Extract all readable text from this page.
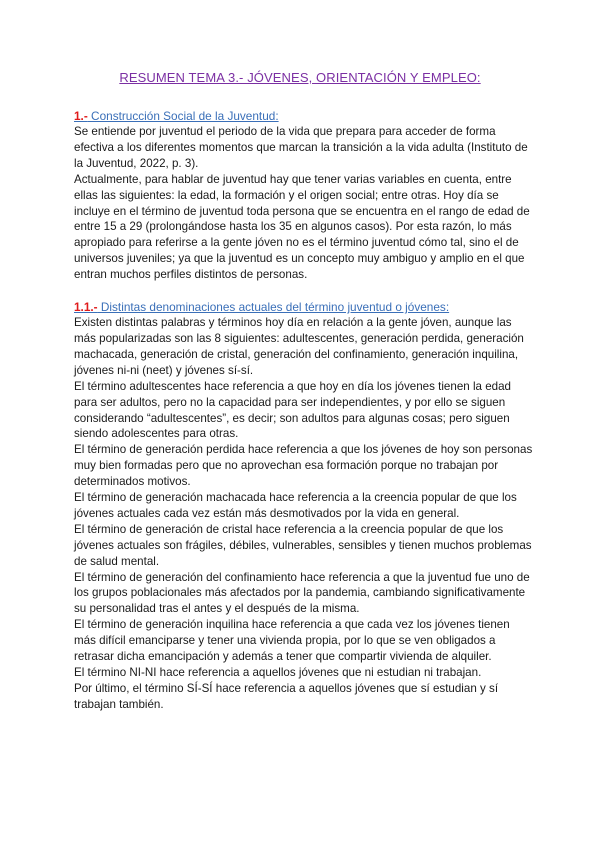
RESUMEN TEMA 3.- JÓVENES, ORIENTACIÓN Y EMPLEO:

1.- Construcción Social de la Juventud:

Se entiende por juventud el periodo de la vida que prepara para acceder de forma efectiva a los diferentes momentos que marcan la transición a la vida adulta (Instituto de la Juventud, 2022, p. 3).

Actualmente, para hablar de juventud hay que tener varias variables en cuenta, entre ellas las siguientes: la edad, la formación y el origen social; entre otras. Hoy día se incluye en el término de juventud toda persona que se encuentra en el rango de edad de entre 15 a 29 (prolongándose hasta los 35 en algunos casos). Por esta razón, lo más apropiado para referirse a la gente jóven no es el término juventud cómo tal, sino el de universos juveniles; ya que la juventud es un concepto muy ambiguo y amplio en el que entran muchos perfiles distintos de personas.

1.1.- Distintas denominaciones actuales del término juventud o jóvenes:

Existen distintas palabras y términos hoy día en relación a la gente jóven, aunque las más popularizadas son las 8 siguientes: adultescentes, generación perdida, generación machacada, generación de cristal, generación del confinamiento, generación inquilina, jóvenes ni-ni (neet) y jóvenes sí-sí.

El término adultescentes hace referencia a que hoy en día los jóvenes tienen la edad para ser adultos, pero no la capacidad para ser independientes, y por ello se siguen considerando “adultescentes”, es decir; son adultos para algunas cosas; pero siguen siendo adolescentes para otras.

El término de generación perdida hace referencia a que los jóvenes de hoy son personas muy bien formadas pero que no aprovechan esa formación porque no trabajan por determinados motivos.

El término de generación machacada hace referencia a la creencia popular de que los jóvenes actuales cada vez están más desmotivados por la vida en general.

El término de generación de cristal hace referencia a la creencia popular de que los jóvenes actuales son frágiles, débiles, vulnerables, sensibles y tienen muchos problemas de salud mental.

El término de generación del confinamiento hace referencia a que la juventud fue uno de los grupos poblacionales más afectados por la pandemia, cambiando significativamente su personalidad tras el antes y el después de la misma.

El término de generación inquilina hace referencia a que cada vez los jóvenes tienen más difícil emanciparse y tener una vivienda propia, por lo que se ven obligados a retrasar dicha emancipación y además a tener que compartir vivienda de alquiler.

El término NI-NI hace referencia a aquellos jóvenes que ni estudian ni trabajan.

Por último, el término SÍ-SÍ hace referencia a aquellos jóvenes que sí estudian y sí trabajan también.
